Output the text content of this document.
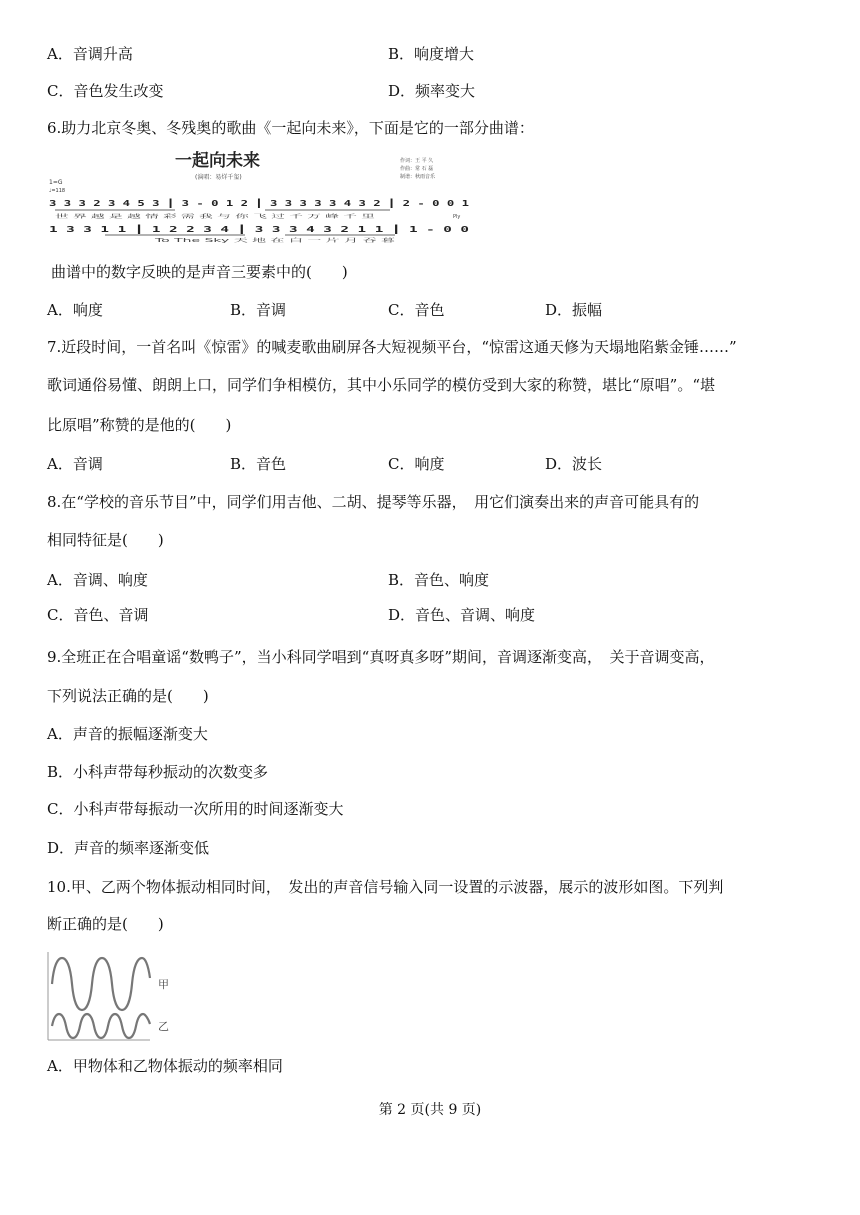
A．音调升高	B．响度增大
C．音色发生改变	D．频率变大
6.助力北京冬奥、冬残奥的歌曲《一起向未来》，下面是它的一部分曲谱：
一起向未来
(演唱：易烊千玺)
作词：王 平 久
作曲：常 石 磊
制谱：秋雨音乐
1=G
♩=118
3 3 3 2 3 4 5 3 ┃ 3 - 0 1 2 ┃ 3 3 3 3 3 4 3 2 ┃ 2 - 0 0 1
世 界 越 是 越 情 彩 需 我 与 你 飞 过 千 万 峰 千 里	Ply
1 3 3 1 1 ┃ 1 2 2 3 4 ┃ 3 3 3 4 3 2 1 1 ┃ 1 - 0 0
To The Sky 天 地 在 白 一 片 月 吞 暮
曲谱中的数字反映的是声音三要素中的(　　)
A．响度	B．音调	C．音色	D．振幅
7.近段时间，一首名叫《惊雷》的喊麦歌曲刷屏各大短视频平台，“惊雷这通天修为天塌地陷紫金锤……”
歌词通俗易懂、朗朗上口，同学们争相模仿，其中小乐同学的模仿受到大家的称赞，堪比“原唱”。“堪
比原唱”称赞的是他的(　　)
A．音调	B．音色	C．响度	D．波长
8.在“学校的音乐节目”中，同学们用吉他、二胡、提琴等乐器，　用它们演奏出来的声音可能具有的
相同特征是(　　)
A．音调、响度	B．音色、响度
C．音色、音调	D．音色、音调、响度
9.全班正在合唱童谣“数鸭子”，当小科同学唱到“真呀真多呀”期间，音调逐渐变高，　关于音调变高，
下列说法正确的是(　　)
A．声音的振幅逐渐变大
B．小科声带每秒振动的次数变多
C．小科声带每振动一次所用的时间逐渐变大
D．声音的频率逐渐变低
10.甲、乙两个物体振动相同时间，　发出的声音信号输入同一设置的示波器，展示的波形如图。下列判
断正确的是(　　)
甲
乙
A．甲物体和乙物体振动的频率相同
第 2 页(共 9 页)
